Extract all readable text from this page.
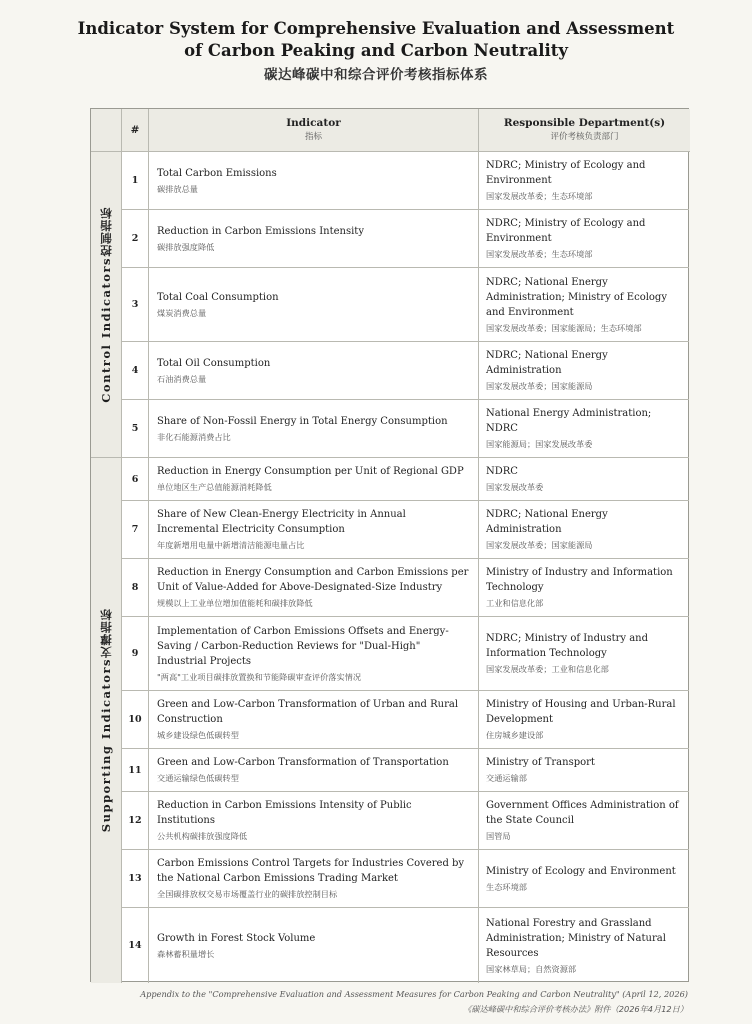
Indicator System for Comprehensive Evaluation and Assessment
of Carbon Peaking and Carbon Neutrality
碳达峰碳中和综合评价考核指标体系
#
Indicator
指标
Responsible Department(s)
评价考核负责部门
Control Indicators控制指标
Supporting Indicators支撑指标
1
Total Carbon Emissions
碳排放总量
NDRC; Ministry of Ecology and Environment
国家发展改革委；生态环境部
2
Reduction in Carbon Emissions Intensity
碳排放强度降低
NDRC; Ministry of Ecology and Environment
国家发展改革委；生态环境部
3
Total Coal Consumption
煤炭消费总量
NDRC; National Energy Administration; Ministry of Ecology and Environment
国家发展改革委；国家能源局；生态环境部
4
Total Oil Consumption
石油消费总量
NDRC; National Energy Administration
国家发展改革委；国家能源局
5
Share of Non-Fossil Energy in Total Energy Consumption
非化石能源消费占比
National Energy Administration; NDRC
国家能源局；国家发展改革委
6
Reduction in Energy Consumption per Unit of Regional GDP
单位地区生产总值能源消耗降低
NDRC
国家发展改革委
7
Share of New Clean-Energy Electricity in Annual Incremental Electricity Consumption
年度新增用电量中新增清洁能源电量占比
NDRC; National Energy Administration
国家发展改革委；国家能源局
8
Reduction in Energy Consumption and Carbon Emissions per Unit of Value-Added for Above-Designated-Size Industry
规模以上工业单位增加值能耗和碳排放降低
Ministry of Industry and Information Technology
工业和信息化部
9
Implementation of Carbon Emissions Offsets and Energy-Saving / Carbon-Reduction Reviews for "Dual-High" Industrial Projects
"两高"工业项目碳排放置换和节能降碳审查评价落实情况
NDRC; Ministry of Industry and Information Technology
国家发展改革委；工业和信息化部
10
Green and Low-Carbon Transformation of Urban and Rural Construction
城乡建设绿色低碳转型
Ministry of Housing and Urban-Rural Development
住房城乡建设部
11
Green and Low-Carbon Transformation of Transportation
交通运输绿色低碳转型
Ministry of Transport
交通运输部
12
Reduction in Carbon Emissions Intensity of Public Institutions
公共机构碳排放强度降低
Government Offices Administration of the State Council
国管局
13
Carbon Emissions Control Targets for Industries Covered by the National Carbon Emissions Trading Market
全国碳排放权交易市场覆盖行业的碳排放控制目标
Ministry of Ecology and Environment
生态环境部
14
Growth in Forest Stock Volume
森林蓄积量增长
National Forestry and Grassland Administration; Ministry of Natural Resources
国家林草局；自然资源部
Appendix to the "Comprehensive Evaluation and Assessment Measures for Carbon Peaking and Carbon Neutrality" (April 12, 2026)
《碳达峰碳中和综合评价考核办法》附件（2026年4月12日）
